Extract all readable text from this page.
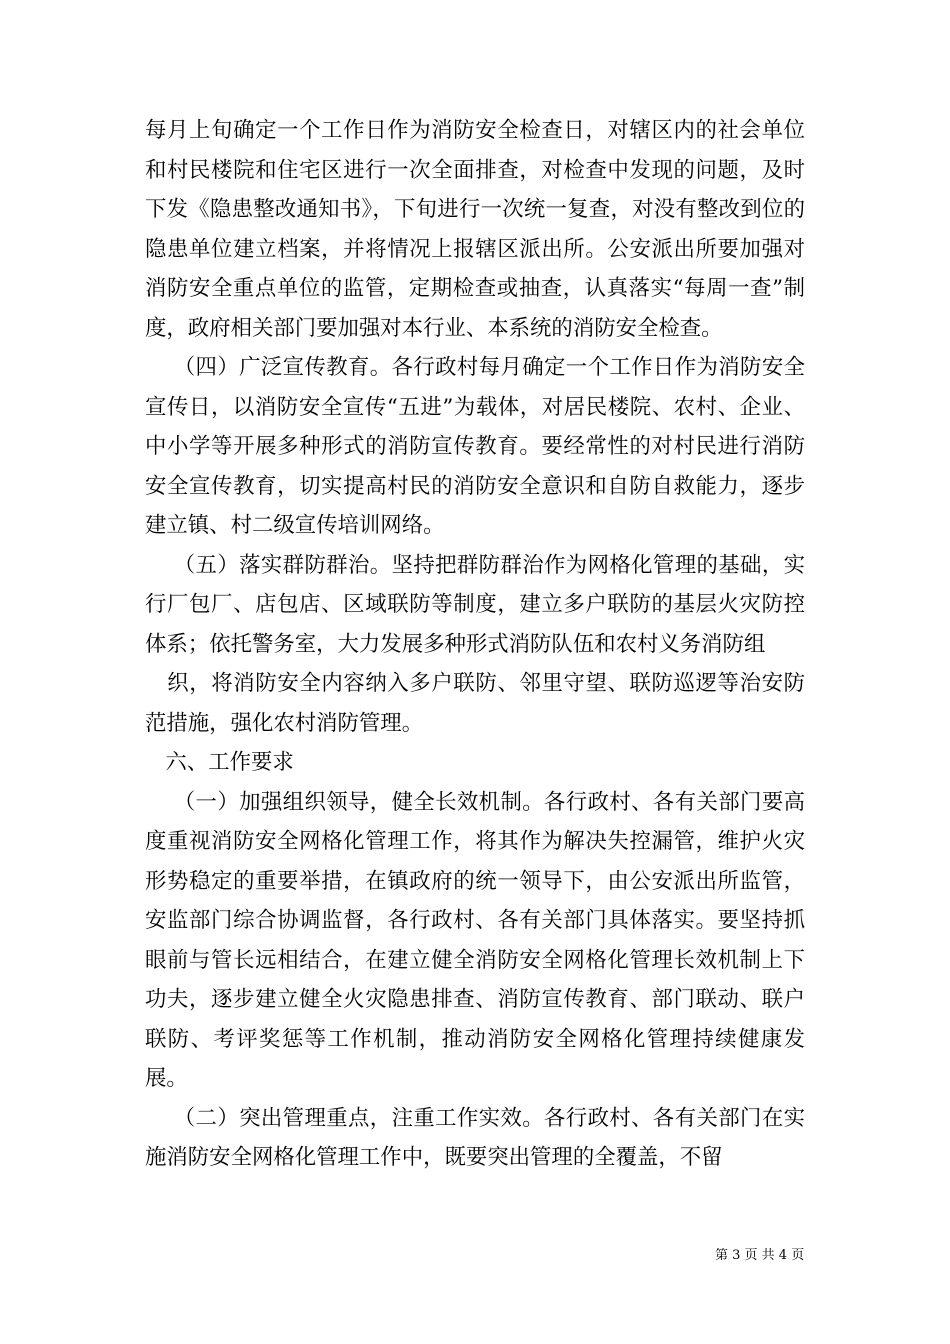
每月上旬确定一个工作日作为消防安全检查日，对辖区内的社会单位和村民楼院和住宅区进行一次全面排查，对检查中发现的问题，及时下发《隐患整改通知书》，下旬进行一次统一复查，对没有整改到位的隐患单位建立档案，并将情况上报辖区派出所。公安派出所要加强对消防安全重点单位的监管，定期检查或抽查，认真落实“每周一查”制度，政府相关部门要加强对本行业、本系统的消防安全检查。

（四）广泛宣传教育。各行政村每月确定一个工作日作为消防安全宣传日，以消防安全宣传“五进”为载体，对居民楼院、农村、企业、中小学等开展多种形式的消防宣传教育。要经常性的对村民进行消防安全宣传教育，切实提高村民的消防安全意识和自防自救能力，逐步建立镇、村二级宣传培训网络。

（五）落实群防群治。坚持把群防群治作为网格化管理的基础，实行厂包厂、店包店、区域联防等制度，建立多户联防的基层火灾防控体系；依托警务室，大力发展多种形式消防队伍和农村义务消防组

织，将消防安全内容纳入多户联防、邻里守望、联防巡逻等治安防范措施，强化农村消防管理。

六、工作要求

（一）加强组织领导，健全长效机制。各行政村、各有关部门要高度重视消防安全网格化管理工作，将其作为解决失控漏管，维护火灾形势稳定的重要举措，在镇政府的统一领导下，由公安派出所监管，安监部门综合协调监督，各行政村、各有关部门具体落实。要坚持抓眼前与管长远相结合，在建立健全消防安全网格化管理长效机制上下功夫，逐步建立健全火灾隐患排查、消防宣传教育、部门联动、联户联防、考评奖惩等工作机制，推动消防安全网格化管理持续健康发展。

（二）突出管理重点，注重工作实效。各行政村、各有关部门在实施消防安全网格化管理工作中，既要突出管理的全覆盖，不留

第 3 页 共 4 页
